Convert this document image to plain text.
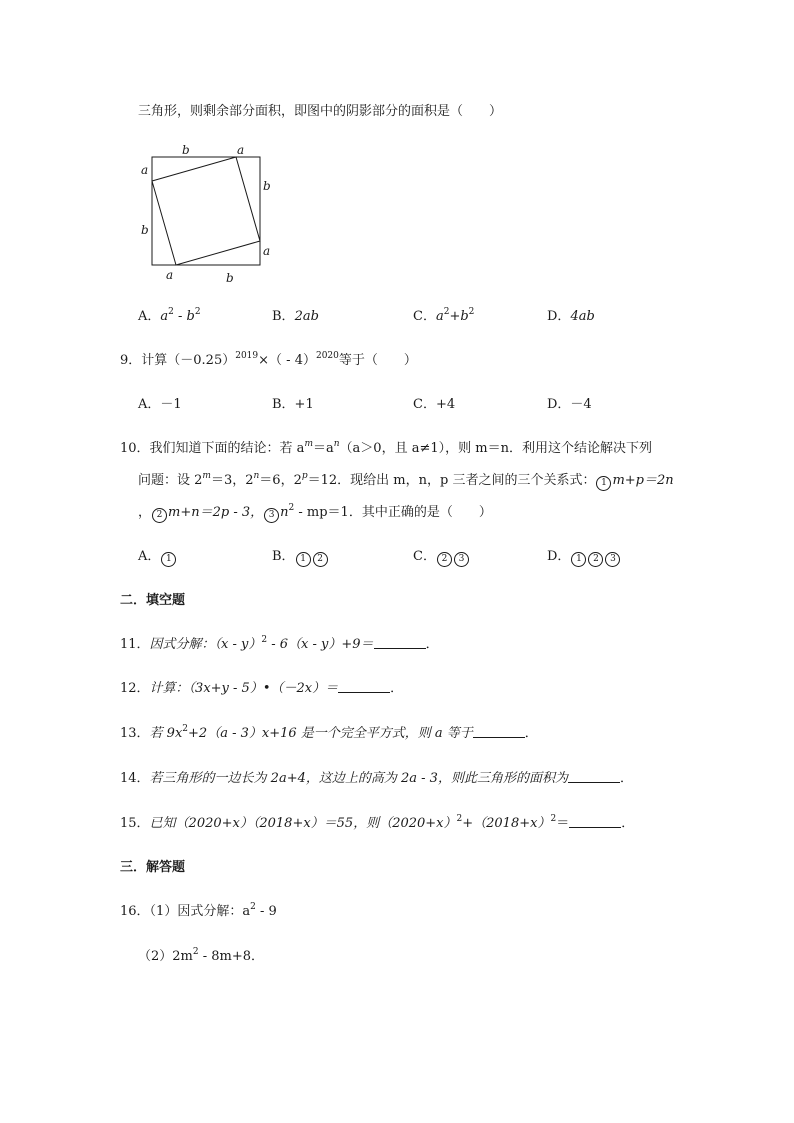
三角形，则剩余部分面积，即图中的阴影部分的面积是（　　）
b	a
a
b
b
a
a	b
A．$a^2 - b^2$	B．2ab	C．$a^2+b^2$	D．4ab
9．计算$(-0.25)^{2019}\times( - 4)^{2020}$等于（　　）
A．－1	B．+1	C．+4	D．－4
10．我们知道下面的结论：若 $a^m=a^n(a>0$，且 a≠1），则 m＝n．利用这个结论解决下列
问题：设 $2^m=3$，$2^n=6$，$2^p=12$．现给出 m，n，p 三者之间的三个关系式： 1 m+p＝2n
， 2 m+n＝2p - 3， 3 $n^2 - mp=1$．其中正确的是（　　）
A． 1	B． 1 2	C． 2 3	D． 1 2 3
二．填空题
11．因式分解：（x - y）$^2$ - 6（x - y）+9＝	．
12．计算：（3x+y - 5）•（－2x）＝	．
13．若 $9x^2+2(a - 3)x+16$ 是一个完全平方式，则 a 等于	．
14．若三角形的一边长为 2a+4，这边上的高为 2a - 3，则此三角形的面积为	．
15．已知（2020+x）（2018+x）＝55，则$(2020+x)^2+(2018+x)^2=$	．
三．解答题
16．（1）因式分解：$a^2 - 9$
$(2)2m^2 - 8m+8$．
